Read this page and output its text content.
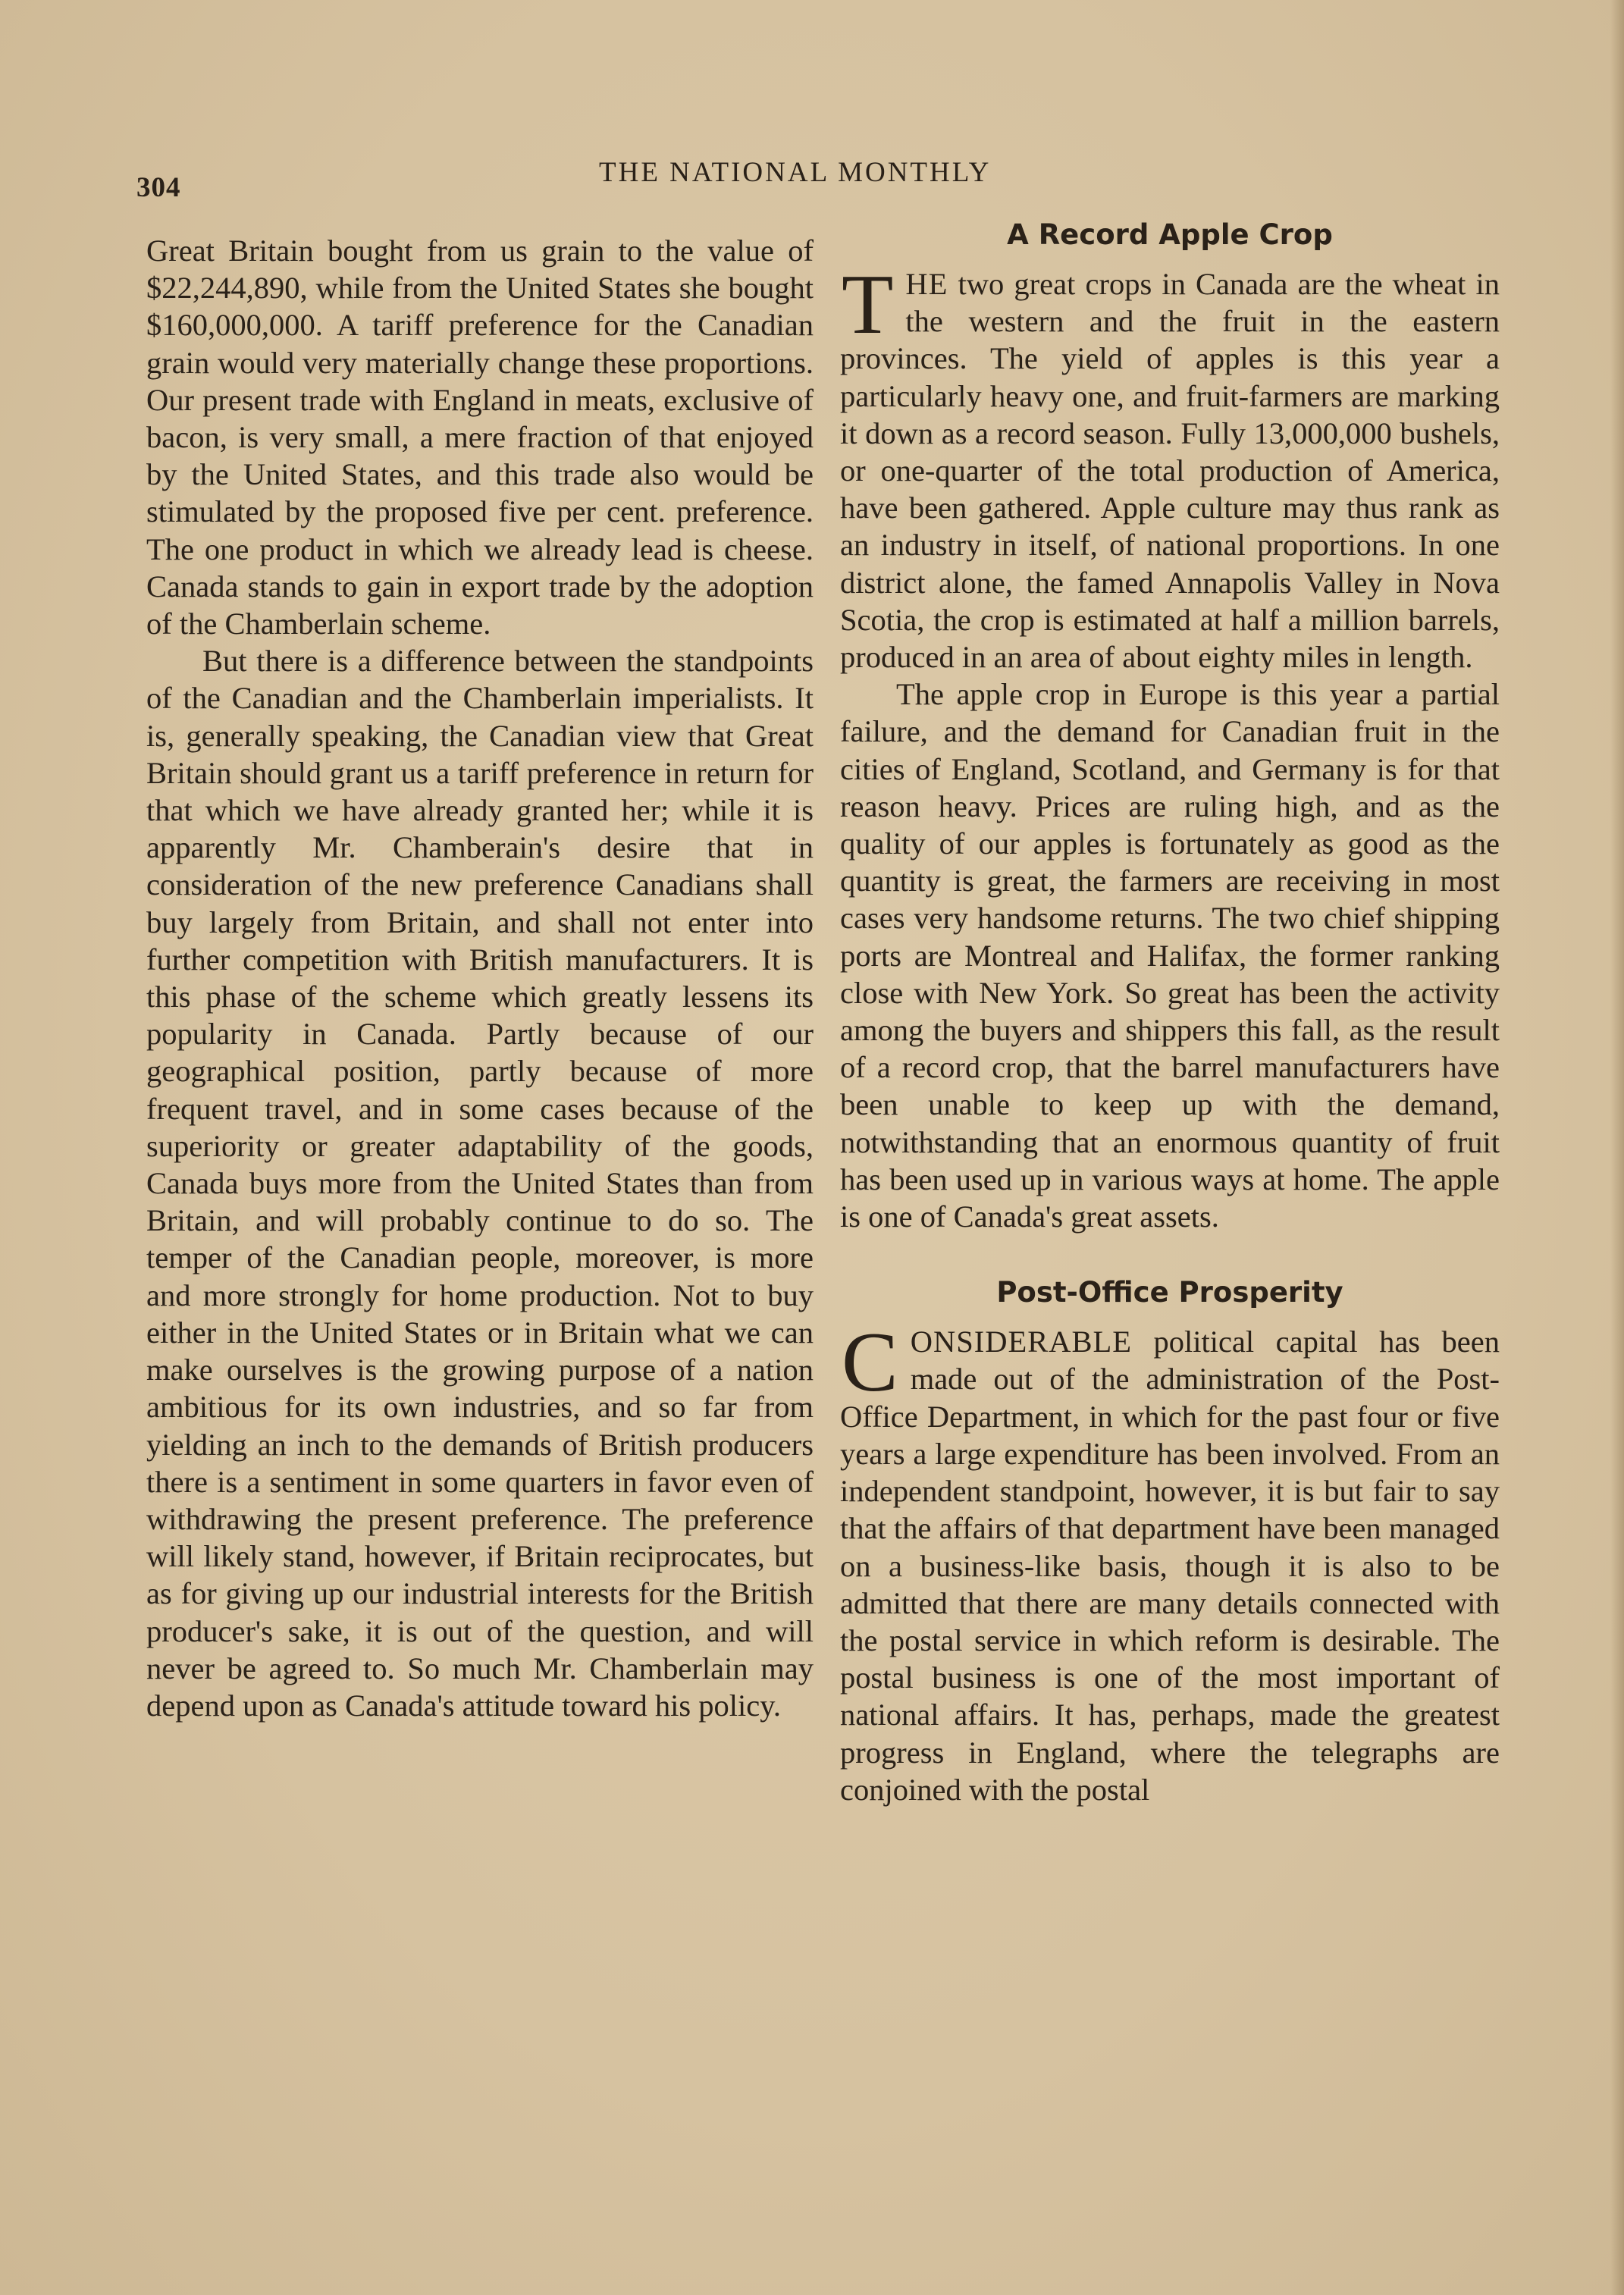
304	THE NATIONAL MONTHLY

Great Britain bought from us grain to the value of $22,244,890, while from the United States she bought $160,000,000. A tariff preference for the Canadian grain would very materially change these proportions. Our present trade with England in meats, exclusive of bacon, is very small, a mere fraction of that enjoyed by the United States, and this trade also would be stimulated by the proposed five per cent. preference. The one product in which we already lead is cheese. Canada stands to gain in export trade by the adoption of the Chamberlain scheme.

But there is a difference between the standpoints of the Canadian and the Chamberlain imperialists. It is, generally speaking, the Canadian view that Great Britain should grant us a tariff preference in return for that which we have already granted her; while it is apparently Mr. Chamberain's desire that in consideration of the new preference Canadians shall buy largely from Britain, and shall not enter into further competition with British manufacturers. It is this phase of the scheme which greatly lessens its popularity in Canada. Partly because of our geographical position, partly because of more frequent travel, and in some cases because of the superiority or greater adaptability of the goods, Canada buys more from the United States than from Britain, and will probably continue to do so. The temper of the Canadian people, moreover, is more and more strongly for home production. Not to buy either in the United States or in Britain what we can make ourselves is the growing purpose of a nation ambitious for its own industries, and so far from yielding an inch to the demands of British producers there is a sentiment in some quarters in favor even of withdrawing the present preference. The preference will likely stand, however, if Britain reciprocates, but as for giving up our industrial interests for the British producer's sake, it is out of the question, and will never be agreed to. So much Mr. Chamberlain may depend upon as Canada's attitude toward his policy.

A Record Apple Crop

THE two great crops in Canada are the wheat in the western and the fruit in the eastern provinces. The yield of apples is this year a particularly heavy one, and fruit-farmers are marking it down as a record season. Fully 13,000,000 bushels, or one-quarter of the total production of America, have been gathered. Apple culture may thus rank as an industry in itself, of national proportions. In one district alone, the famed Annapolis Valley in Nova Scotia, the crop is estimated at half a million barrels, produced in an area of about eighty miles in length.

The apple crop in Europe is this year a partial failure, and the demand for Canadian fruit in the cities of England, Scotland, and Germany is for that reason heavy. Prices are ruling high, and as the quality of our apples is fortunately as good as the quantity is great, the farmers are receiving in most cases very handsome returns. The two chief shipping ports are Montreal and Halifax, the former ranking close with New York. So great has been the activity among the buyers and shippers this fall, as the result of a record crop, that the barrel manufacturers have been unable to keep up with the demand, notwithstanding that an enormous quantity of fruit has been used up in various ways at home. The apple is one of Canada's great assets.

Post-Office Prosperity

CONSIDERABLE political capital has been made out of the administration of the Post-Office Department, in which for the past four or five years a large expenditure has been involved. From an independent standpoint, however, it is but fair to say that the affairs of that department have been managed on a business-like basis, though it is also to be admitted that there are many details connected with the postal service in which reform is desirable. The postal business is one of the most important of national affairs. It has, perhaps, made the greatest progress in England, where the telegraphs are conjoined with the postal
